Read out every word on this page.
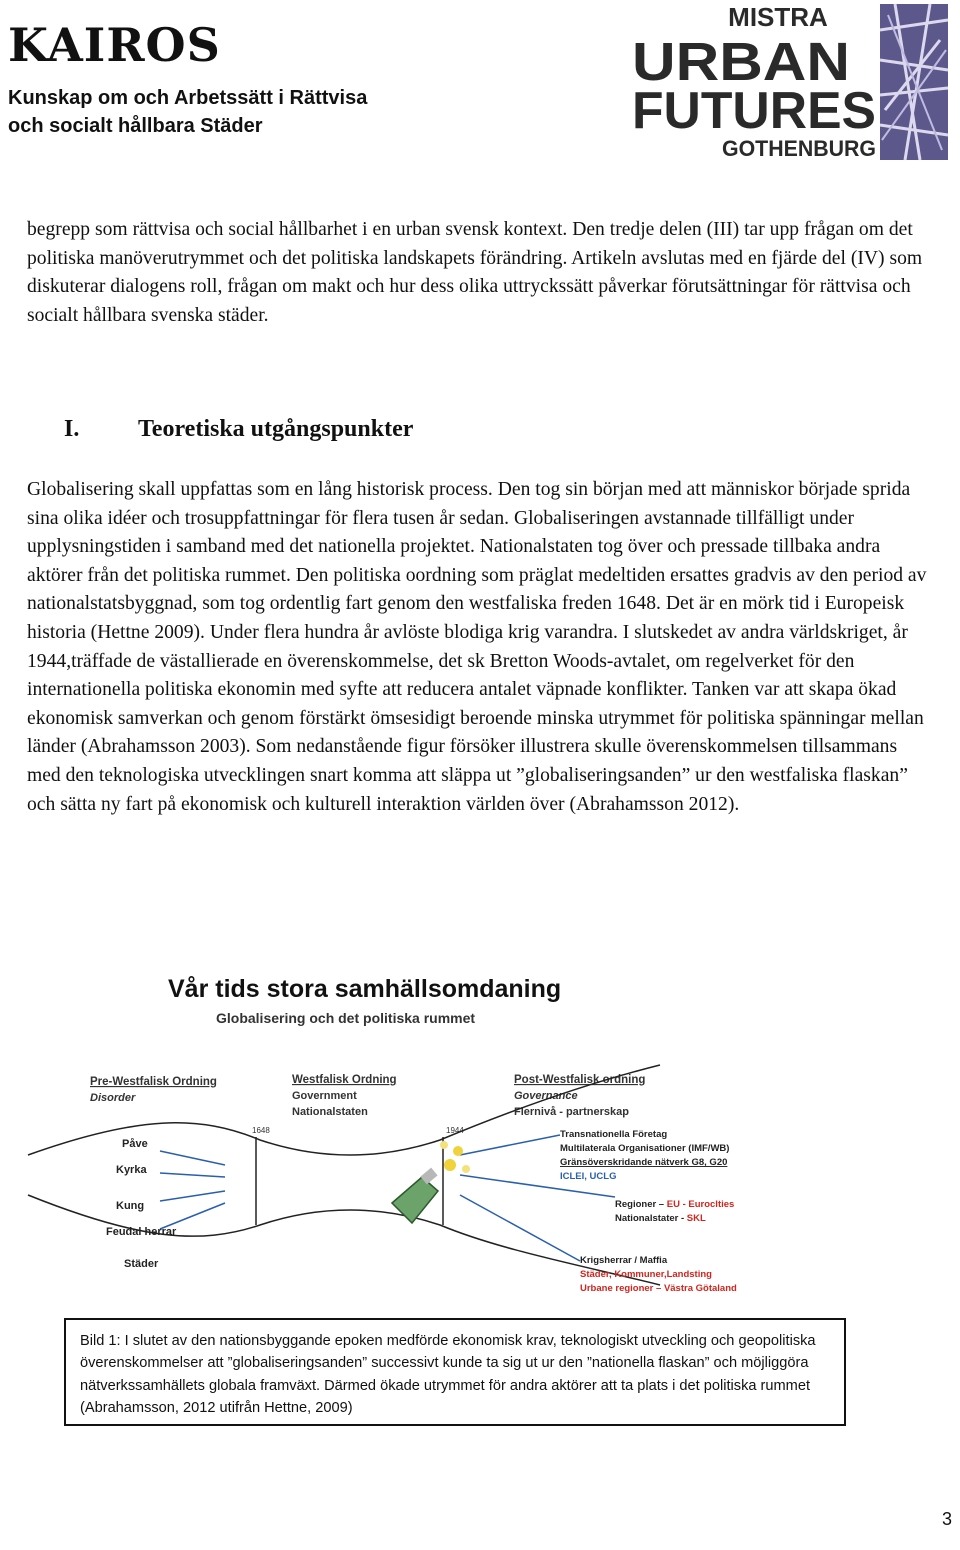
KAIROS
Kunskap om och Arbetssätt i Rättvisa och socialt hållbara Städer
MISTRA
URBAN
FUTURES
GOTHENBURG
begrepp som rättvisa och social hållbarhet i en urban svensk kontext. Den tredje delen (III) tar upp frågan om det politiska manöverutrymmet och det politiska landskapets förändring. Artikeln avslutas med en fjärde del (IV) som diskuterar dialogens roll, frågan om makt och hur dess olika uttryckssätt påverkar förutsättningar för rättvisa och socialt hållbara svenska städer.
I. Teoretiska utgångspunkter
Globalisering skall uppfattas som en lång historisk process. Den tog sin början med att människor började sprida sina olika idéer och trosuppfattningar för flera tusen år sedan. Globaliseringen avstannade tillfälligt under upplysningstiden i samband med det nationella projektet. Nationalstaten tog över och pressade tillbaka andra aktörer från det politiska rummet. Den politiska oordning som präglat medeltiden ersattes gradvis av den period av nationalstatsbyggnad, som tog ordentlig fart genom den westfaliska freden 1648. Det är en mörk tid i Europeisk historia (Hettne 2009). Under flera hundra år avlöste blodiga krig varandra. I slutskedet av andra världskriget, år 1944,träffade de västallierade en överenskommelse, det sk Bretton Woods-avtalet, om regelverket för den internationella politiska ekonomin med syfte att reducera antalet väpnade konflikter. Tanken var att skapa ökad ekonomisk samverkan och genom förstärkt ömsesidigt beroende minska utrymmet för politiska spänningar mellan länder (Abrahamsson 2003). Som nedanstående figur försöker illustrera skulle överenskommelsen tillsammans med den teknologiska utvecklingen snart komma att släppa ut ”globaliseringsanden” ur den westfaliska flaskan” och sätta ny fart på ekonomisk och kulturell interaktion världen över (Abrahamsson 2012).
Vår tids stora samhällsomdaning
Globalisering och det politiska rummet
Pre-Westfalisk Ordning
Disorder
Westfalisk Ordning
Government
Nationalstaten
Post-Westfalisk ordning
Governance
Flernivå - partnerskap
1648	1944
Påve
Kyrka
Kung
Feudal herrar
Städer
Transnationella Företag
Multilaterala Organisationer (IMF/WB)
Gränsöverskridande nätverk G8, G20
ICLEI, UCLG
Regioner – EU - Euroclties
Nationalstater - SKL
Krigsherrar / Maffia
Städer, Kommuner,Landsting
Urbane regioner – Västra Götaland
Bild 1: I slutet av den nationsbyggande epoken medförde ekonomisk krav, teknologiskt utveckling och geopolitiska överenskommelser att ”globaliseringsanden” successivt kunde ta sig ut ur den ”nationella flaskan” och möjliggöra nätverkssamhällets globala framväxt. Därmed ökade utrymmet för andra aktörer att ta plats i det politiska rummet (Abrahamsson, 2012 utifrån Hettne, 2009)
3
